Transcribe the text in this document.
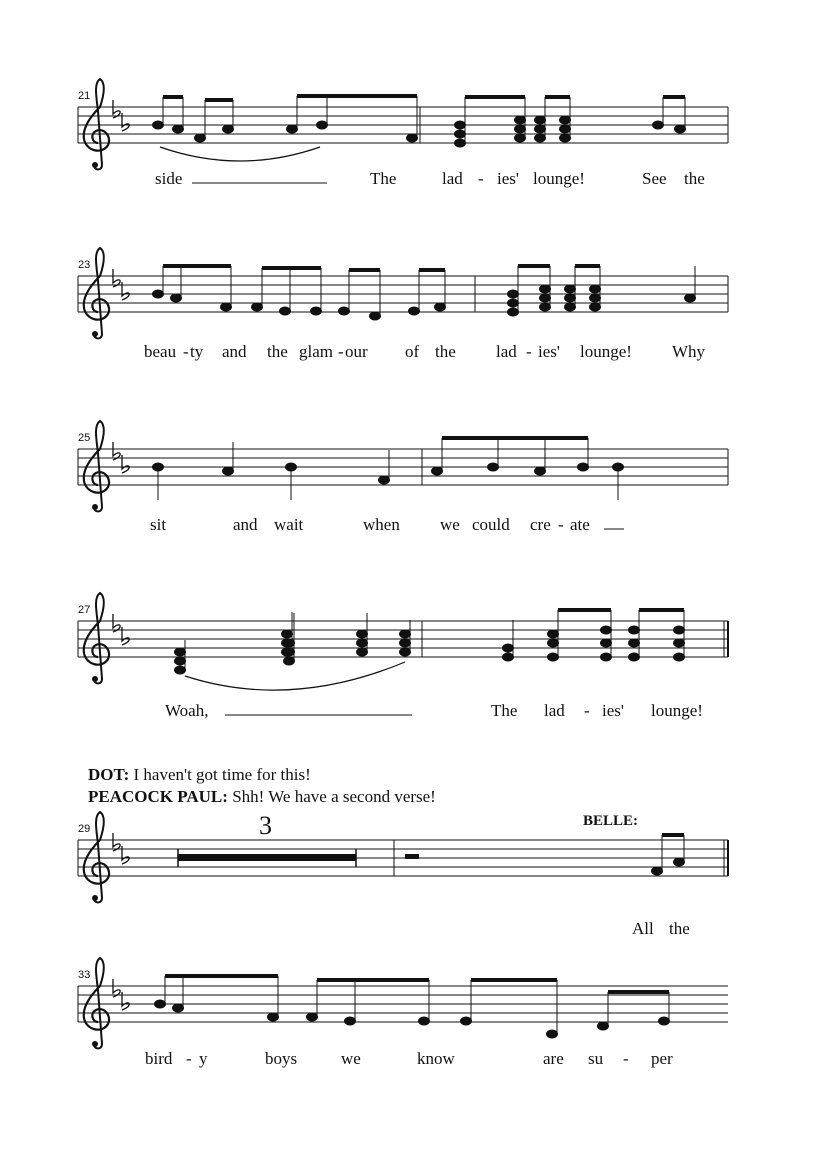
21
side	The	lad - ies' lounge!	See the
23
beau - ty and the glam - our of the lad - ies' lounge! Why
25
sit	and wait	when we could cre - ate
27
Woah,	The lad - ies' lounge!
29	3	BELLE:
All the
33
bird - y	boys	we	know	are su - per
DOT: I haven't got time for this!
PEACOCK PAUL: Shh! We have a second verse!
